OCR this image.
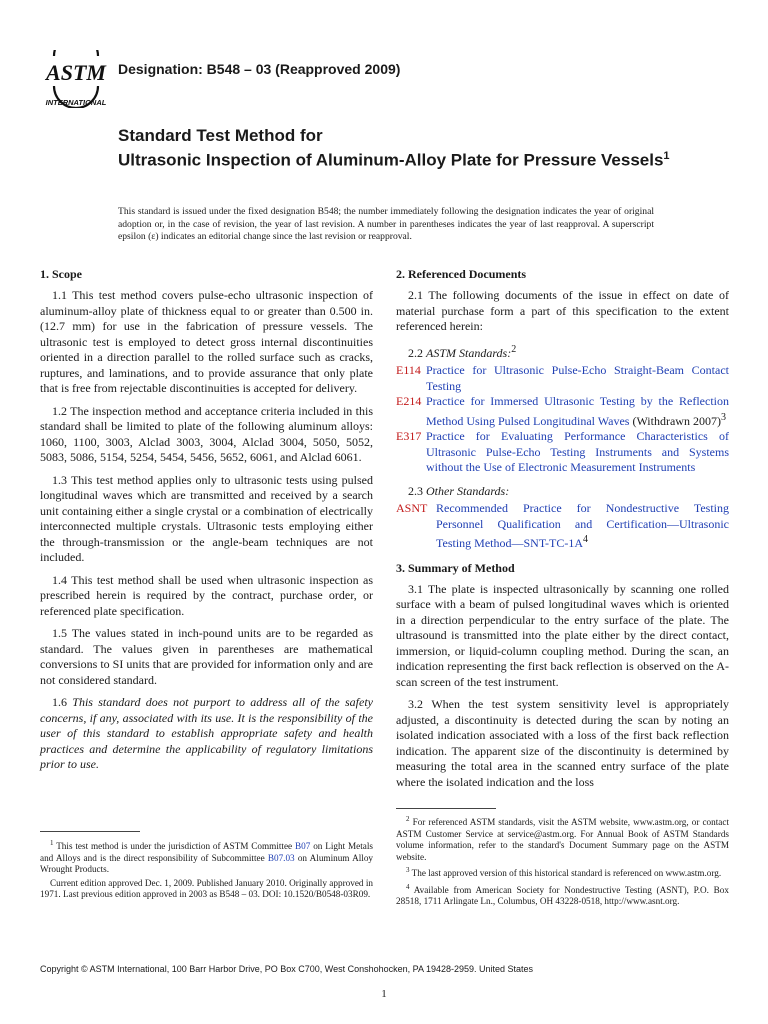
ASTM
INTERNATIONAL
Designation: B548 – 03 (Reapproved 2009)
Standard Test Method for
Ultrasonic Inspection of Aluminum-Alloy Plate for Pressure Vessels$^1$
This standard is issued under the fixed designation B548; the number immediately following the designation indicates the year of original adoption or, in the case of revision, the year of last revision. A number in parentheses indicates the year of last reapproval. A superscript epsilon (ε) indicates an editorial change since the last revision or reapproval.
1. Scope

1.1 This test method covers pulse-echo ultrasonic inspection of aluminum-alloy plate of thickness equal to or greater than 0.500 in. (12.7 mm) for use in the fabrication of pressure vessels. The ultrasonic test is employed to detect gross internal discontinuities oriented in a direction parallel to the rolled surface such as cracks, ruptures, and laminations, and to provide assurance that only plate that is free from rejectable discontinuities is accepted for delivery.

1.2 The inspection method and acceptance criteria included in this standard shall be limited to plate of the following aluminum alloys: 1060, 1100, 3003, Alclad 3003, 3004, Alclad 3004, 5050, 5052, 5083, 5086, 5154, 5254, 5454, 5456, 5652, 6061, and Alclad 6061.

1.3 This test method applies only to ultrasonic tests using pulsed longitudinal waves which are transmitted and received by a search unit containing either a single crystal or a combination of electrically interconnected multiple crystals. Ultrasonic tests employing either the through-transmission or the angle-beam techniques are not included.

1.4 This test method shall be used when ultrasonic inspection as prescribed herein is required by the contract, purchase order, or referenced plate specification.

1.5 The values stated in inch-pound units are to be regarded as standard. The values given in parentheses are mathematical conversions to SI units that are provided for information only and are not considered standard.

1.6 This standard does not purport to address all of the safety concerns, if any, associated with its use. It is the responsibility of the user of this standard to establish appropriate safety and health practices and determine the applicability of regulatory limitations prior to use.

2. Referenced Documents

2.1 The following documents of the issue in effect on date of material purchase form a part of this specification to the extent referenced herein:

2.2 ASTM Standards:$^2$

E114 Practice for Ultrasonic Pulse-Echo Straight-Beam Contact Testing
E214 Practice for Immersed Ultrasonic Testing by the Reflection Method Using Pulsed Longitudinal Waves (Withdrawn 2007)$^3$
E317 Practice for Evaluating Performance Characteristics of Ultrasonic Pulse-Echo Testing Instruments and Systems without the Use of Electronic Measurement Instruments

2.3 Other Standards:

ASNT Recommended Practice for Nondestructive Testing Personnel Qualification and Certification—Ultrasonic Testing $Method—SNT-TC-1A^4$
3. Summary of Method

3.1 The plate is inspected ultrasonically by scanning one rolled surface with a beam of pulsed longitudinal waves which is oriented in a direction perpendicular to the entry surface of the plate. The ultrasound is transmitted into the plate either by the direct contact, immersion, or liquid-column coupling method. During the scan, an indication representing the first back reflection is observed on the A-scan screen of the test instrument.

3.2 When the test system sensitivity level is appropriately adjusted, a discontinuity is detected during the scan by noting an isolated indication associated with a loss of the first back reflection indication. The apparent size of the discontinuity is determined by measuring the total area in the scanned entry surface of the plate where the isolated indication and the loss

$^1$ This test method is under the jurisdiction of ASTM Committee B07 on Light Metals and Alloys and is the direct responsibility of Subcommittee B07.03 on Aluminum Alloy Wrought Products.

Current edition approved Dec. 1, 2009. Published January 2010. Originally approved in 1971. Last previous edition approved in 2003 as B548 – 03. DOI: 10.1520/B0548-03R09.

$^2$ For referenced ASTM standards, visit the ASTM website, www.astm.org, or contact ASTM Customer Service at service@astm.org. For Annual Book of ASTM Standards volume information, refer to the standard's Document Summary page on the ASTM website.

$^3$ The last approved version of this historical standard is referenced on www.astm.org.

$^4$ Available from American Society for Nondestructive Testing (ASNT), P.O. Box 28518, 1711 Arlingate Ln., Columbus, OH 43228-0518, http://www.asnt.org.

Copyright © ASTM International, 100 Barr Harbor Drive, PO Box C700, West Conshohocken, PA 19428-2959. United States
1
